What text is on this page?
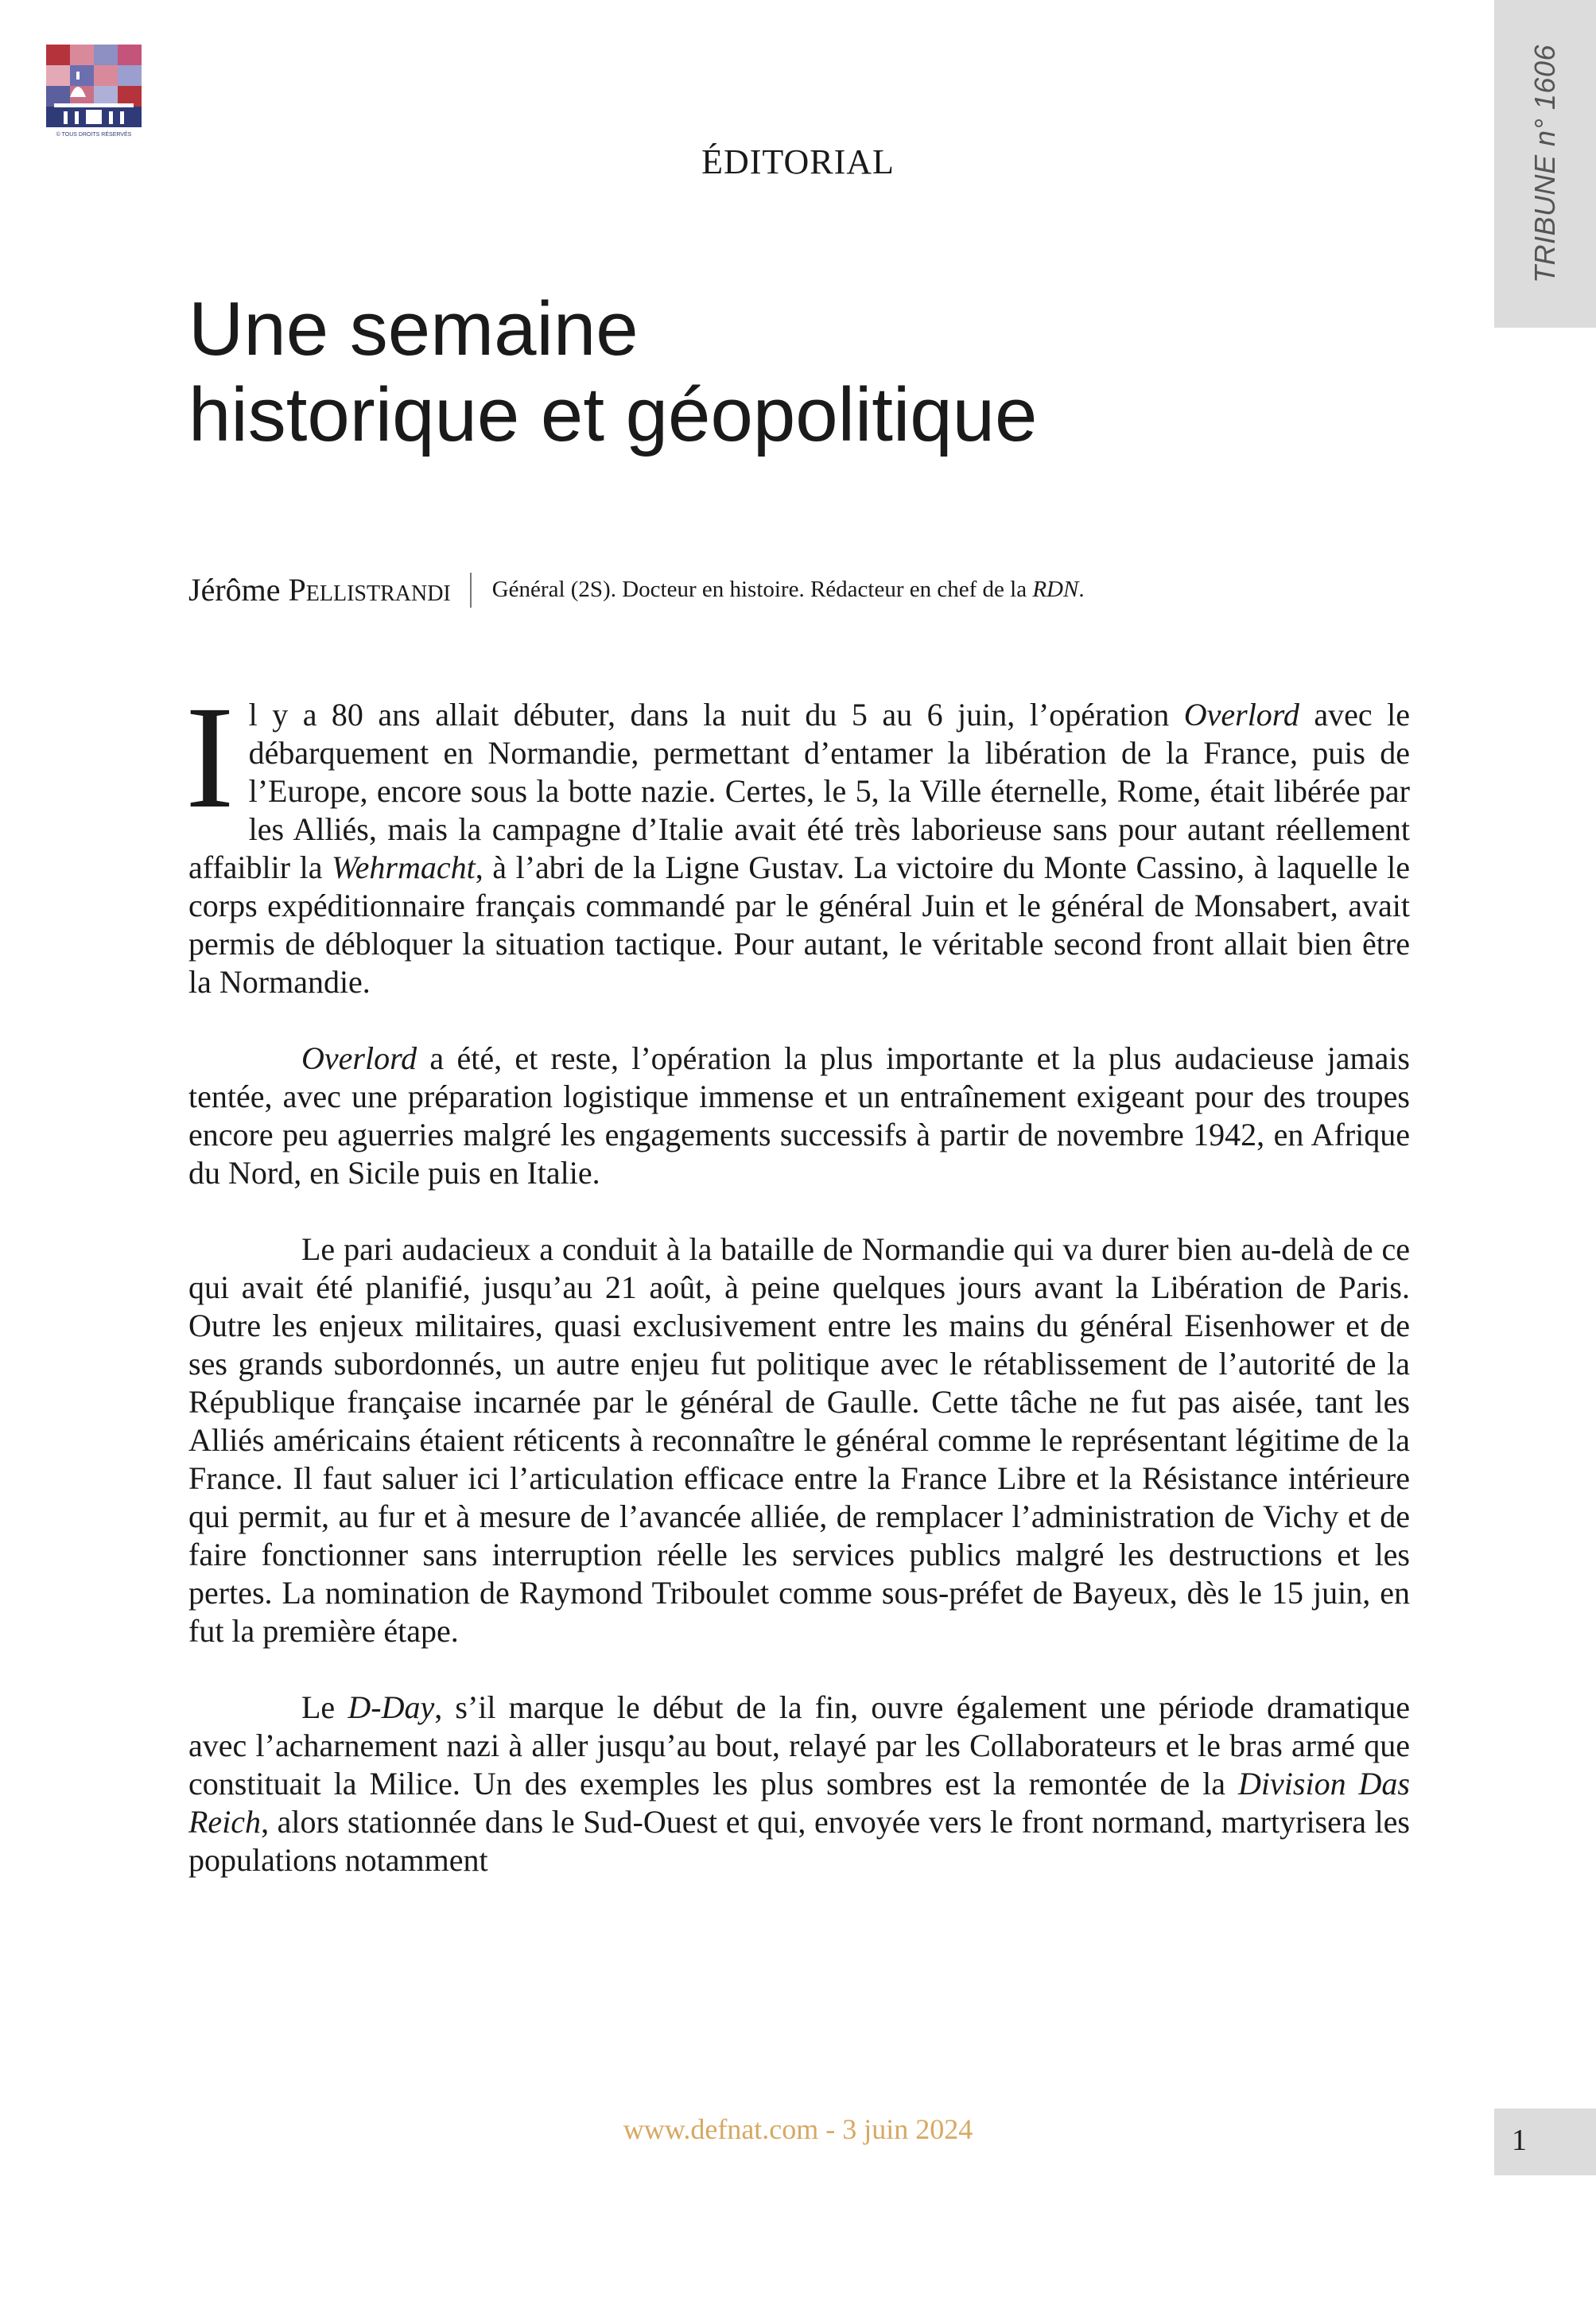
© TOUS DROITS RÉSERVÉS	TRIBUNE n° 1606
ÉDITORIAL
Une semaine
historique et géopolitique
Jérôme Pellistrandi Général (2S). Docteur en histoire. Rédacteur en chef de la RDN.

Il y a 80 ans allait débuter, dans la nuit du 5 au 6 juin, l’opération Overlord avec le débarquement en Normandie, permettant d’entamer la libération de la France, puis de l’Europe, encore sous la botte nazie. Certes, le 5, la Ville éternelle, Rome, était libérée par les Alliés, mais la campagne d’Italie avait été très laborieuse sans pour autant réellement affaiblir la Wehrmacht, à l’abri de la Ligne Gustav. La victoire du Monte Cassino, à laquelle le corps expéditionnaire français commandé par le général Juin et le général de Monsabert, avait permis de débloquer la situation tactique. Pour autant, le véritable second front allait bien être la Normandie.

Overlord a été, et reste, l’opération la plus importante et la plus audacieuse jamais tentée, avec une préparation logistique immense et un entraînement exigeant pour des troupes encore peu aguerries malgré les engagements successifs à partir de novembre 1942, en Afrique du Nord, en Sicile puis en Italie.

Le pari audacieux a conduit à la bataille de Normandie qui va durer bien au-delà de ce qui avait été planifié, jusqu’au 21 août, à peine quelques jours avant la Libération de Paris. Outre les enjeux militaires, quasi exclusivement entre les mains du général Eisenhower et de ses grands subordonnés, un autre enjeu fut politique avec le rétablissement de l’autorité de la République française incarnée par le général de Gaulle. Cette tâche ne fut pas aisée, tant les Alliés américains étaient réticents à reconnaître le général comme le représentant légitime de la France. Il faut saluer ici l’articulation efficace entre la France Libre et la Résistance intérieure qui permit, au fur et à mesure de l’avancée alliée, de remplacer l’administration de Vichy et de faire fonctionner sans interruption réelle les services publics malgré les destructions et les pertes. La nomination de Raymond Triboulet comme sous-préfet de Bayeux, dès le 15 juin, en fut la première étape.

Le D-Day, s’il marque le début de la fin, ouvre également une période dramatique avec l’acharnement nazi à aller jusqu’au bout, relayé par les Collaborateurs et le bras armé que constituait la Milice. Un des exemples les plus sombres est la remontée de la Division Das Reich, alors stationnée dans le Sud-Ouest et qui, envoyée vers le front normand, martyrisera les populations notamment

www.defnat.com - 3 juin 2024	1
